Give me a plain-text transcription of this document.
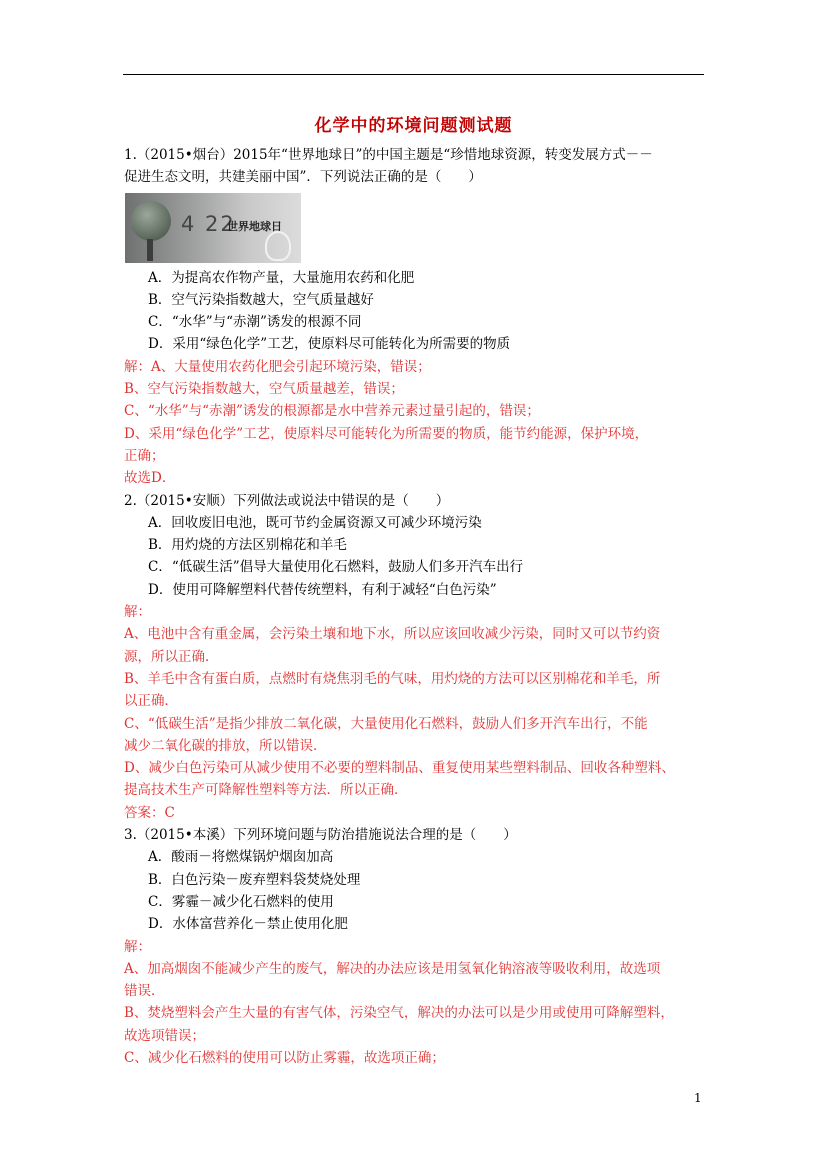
化学中的环境问题测试题
1.（2015•烟台）2015年“世界地球日”的中国主题是“珍惜地球资源，转变发展方式－－
促进生态文明，共建美丽中国”．下列说法正确的是（　　）
4 22
世界地球日
A．为提高农作物产量，大量施用农药和化肥
B．空气污染指数越大，空气质量越好
C．“水华”与“赤潮”诱发的根源不同
D．采用“绿色化学”工艺，使原料尽可能转化为所需要的物质
解：A、大量使用农药化肥会引起环境污染，错误；
B、空气污染指数越大，空气质量越差，错误；
C、“水华”与“赤潮”诱发的根源都是水中营养元素过量引起的，错误；
D、采用“绿色化学”工艺，使原料尽可能转化为所需要的物质，能节约能源，保护环境，
正确；
故选D．
2.（2015•安顺）下列做法或说法中错误的是（　　）
A．回收废旧电池，既可节约金属资源又可减少环境污染
B．用灼烧的方法区别棉花和羊毛
C．“低碳生活”倡导大量使用化石燃料，鼓励人们多开汽车出行
D．使用可降解塑料代替传统塑料，有利于减轻“白色污染”
解：
A、电池中含有重金属，会污染土壤和地下水，所以应该回收减少污染，同时又可以节约资
源，所以正确．
B、羊毛中含有蛋白质，点燃时有烧焦羽毛的气味，用灼烧的方法可以区别棉花和羊毛，所
以正确．
C、“低碳生活”是指少排放二氧化碳，大量使用化石燃料，鼓励人们多开汽车出行，不能
减少二氧化碳的排放，所以错误．
D、减少白色污染可从减少使用不必要的塑料制品、重复使用某些塑料制品、回收各种塑料、
提高技术生产可降解性塑料等方法．所以正确．
答案：C
3.（2015•本溪）下列环境问题与防治措施说法合理的是（　　）
A．酸雨－将燃煤锅炉烟囱加高
B．白色污染－废弃塑料袋焚烧处理
C．雾霾－减少化石燃料的使用
D．水体富营养化－禁止使用化肥
解：
A、加高烟囱不能减少产生的废气，解决的办法应该是用氢氧化钠溶液等吸收利用，故选项
错误．
B、焚烧塑料会产生大量的有害气体，污染空气，解决的办法可以是少用或使用可降解塑料，
故选项错误；
C、减少化石燃料的使用可以防止雾霾，故选项正确；
1
